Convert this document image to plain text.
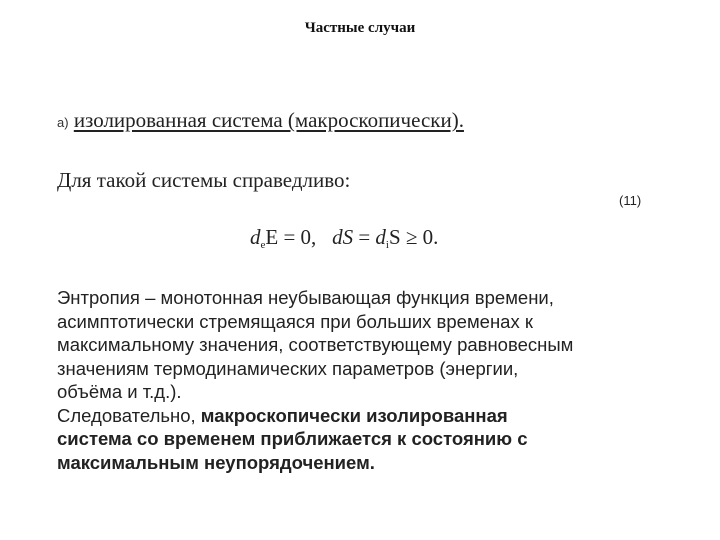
Частные случаи
a) изолированная система (макроскопически).
Для такой системы справедливо:
(11)
$d_eE = 0$, dS = $d_iS \ge 0$.
Энтропия – монотонная неубывающая функция времени,
асимптотически стремящаяся при больших временах к
максимальному значения, соответствующему равновесным
значениям термодинамических параметров (энергии,
объёма и т.д.).
Следовательно, макроскопически изолированная
система со временем приближается к состоянию с
максимальным неупорядочением.
